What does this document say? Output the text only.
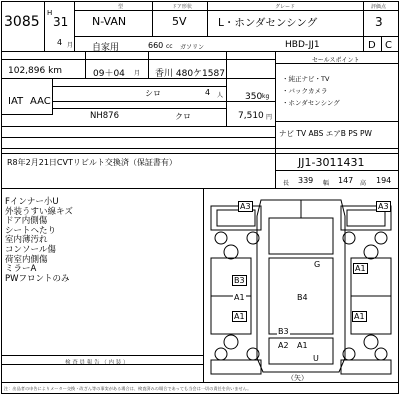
3085
H
31
4 月
型
N-VAN
ドア形状
5V
グレード
L・ホンダセンシング
評価点
3
自家用	660 cc ガソリン	HBD-JJ1	D C
102,896 km	09＋04 月 香川 480ケ1587
IAT AAC
シロ	4 人 350 kg
NH876	クロ	7,510 円
セールスポイント
・純正ナビ・TV
・バックカメラ
・ホンダセンシング
ナビ TV ABS エアB PS PW
R8年2月21日CVTリビルト交換済（保証書有）	JJ1-3011431
長 339 幅 147 高 194
Fインナー小U
外装うすい線キズ
ドア内側傷
シートヘたり
室内薄汚れ
コンソール傷
荷室内側傷
ミラーA
PWフロントのみ
検 査 員 報 告 （ 内 装 ）
A3	A3
G	A1
B3
A1	B4
A1	A1
B3
A2 A1
U
（矢）
注：出品者の申告によりメーター交換・改ざん等の事実がある場合は、検査済みの場合であっても当会は一切の責任を負いません。
